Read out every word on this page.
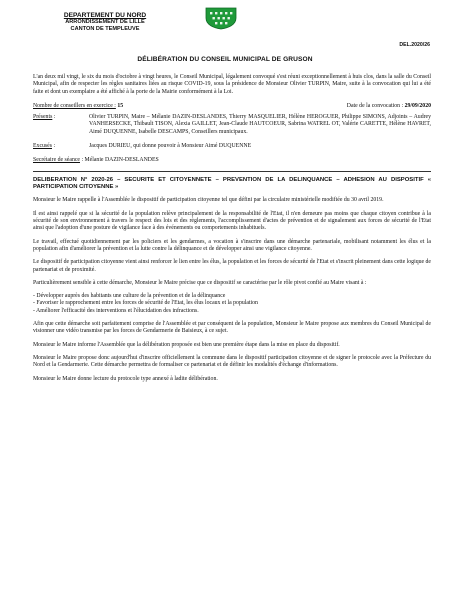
DEPARTEMENT DU NORD
ARRONDISSEMENT DE LILLE
CANTON DE TEMPLEUVE
DEL.2020/26
DÉLIBÉRATION DU CONSEIL MUNICIPAL DE GRUSON

L'an deux mil vingt, le six du mois d'octobre à vingt heures, le Conseil Municipal, légalement convoqué s'est réuni exceptionnellement à huis clos, dans la salle du Conseil Municipal, afin de respecter les règles sanitaires liées au risque COVID-19, sous la présidence de Monsieur Olivier TURPIN, Maire, suite à la convocation qui lui a été faite et dont un exemplaire a été affiché à la porte de la Mairie conformément à la Loi.

Nombre de conseillers en exercice : 15	Date de la convocation : 29/09/2020
Présents :	Olivier TURPIN, Maire – Mélanie DAZIN-DESLANDES, Thierry MASQUELIER, Hélène HEROGUER, Philippe SIMONS, Adjoints – Audrey VANHERSECKE, Thibault TISON, Alexia GAILLET, Jean-Claude HAUTCOEUR, Sabrina WATREL OT, Valérie CARETTE, Hélène HAVRET, Aimé DUQUENNE, Isabelle DESCAMPS, Conseillers municipaux.
Excusés :	Jacques DURIEU, qui donne pouvoir à Monsieur Aimé DUQUENNE
Secrétaire de séance : Mélanie DAZIN-DESLANDES
DELIBERATION N° 2020-26 – SECURITE ET CITOYENNETE – PREVENTION DE LA DELINQUANCE – ADHESION AU DISPOSITIF « PARTICIPATION CITOYENNE »

Monsieur le Maire rappelle à l'Assemblée le dispositif de participation citoyenne tel que défini par la circulaire ministérielle modifiée du 30 avril 2019.

Il est ainsi rappelé que si la sécurité de la population relève principalement de la responsabilité de l'Etat, il n'en demeure pas moins que chaque citoyen contribue à la sécurité de son environnement à travers le respect des lois et des règlements, l'accomplissement d'actes de prévention et de signalement aux forces de sécurité de l'Etat ainsi que l'adoption d'une posture de vigilance face à des événements ou comportements inhabituels.

Le travail, effectué quotidiennement par les policiers et les gendarmes, a vocation à s'inscrire dans une démarche partenariale, mobilisant notamment les élus et la population afin d'améliorer la prévention et la lutte contre la délinquance et de développer ainsi une vigilance citoyenne.

Le dispositif de participation citoyenne vient ainsi renforcer le lien entre les élus, la population et les forces de sécurité de l'Etat et s'inscrit pleinement dans cette logique de partenariat et de proximité.

Particulièrement sensible à cette démarche, Monsieur le Maire précise que ce dispositif se caractérise par le rôle pivot confié au Maire visant à :

- Développer auprès des habitants une culture de la prévention et de la délinquance
- Favoriser le rapprochement entre les forces de sécurité de l'Etat, les élus locaux et la population
- Améliorer l'efficacité des interventions et l'élucidation des infractions.

Afin que cette démarche soit parfaitement comprise de l'Assemblée et par conséquent de la population, Monsieur le Maire propose aux membres du Conseil Municipal de visionner une vidéo transmise par les forces de Gendarmerie de Baisieux, à ce sujet.

Monsieur le Maire informe l'Assemblée que la délibération proposée est bien une première étape dans la mise en place du dispositif.

Monsieur le Maire propose donc aujourd'hui d'inscrire officiellement la commune dans le dispositif participation citoyenne et de signer le protocole avec la Préfecture du Nord et la Gendarmerie. Cette démarche permettra de formaliser ce partenariat et de définir les modalités d'échange d'informations.

Monsieur le Maire donne lecture du protocole type annexé à ladite délibération.
